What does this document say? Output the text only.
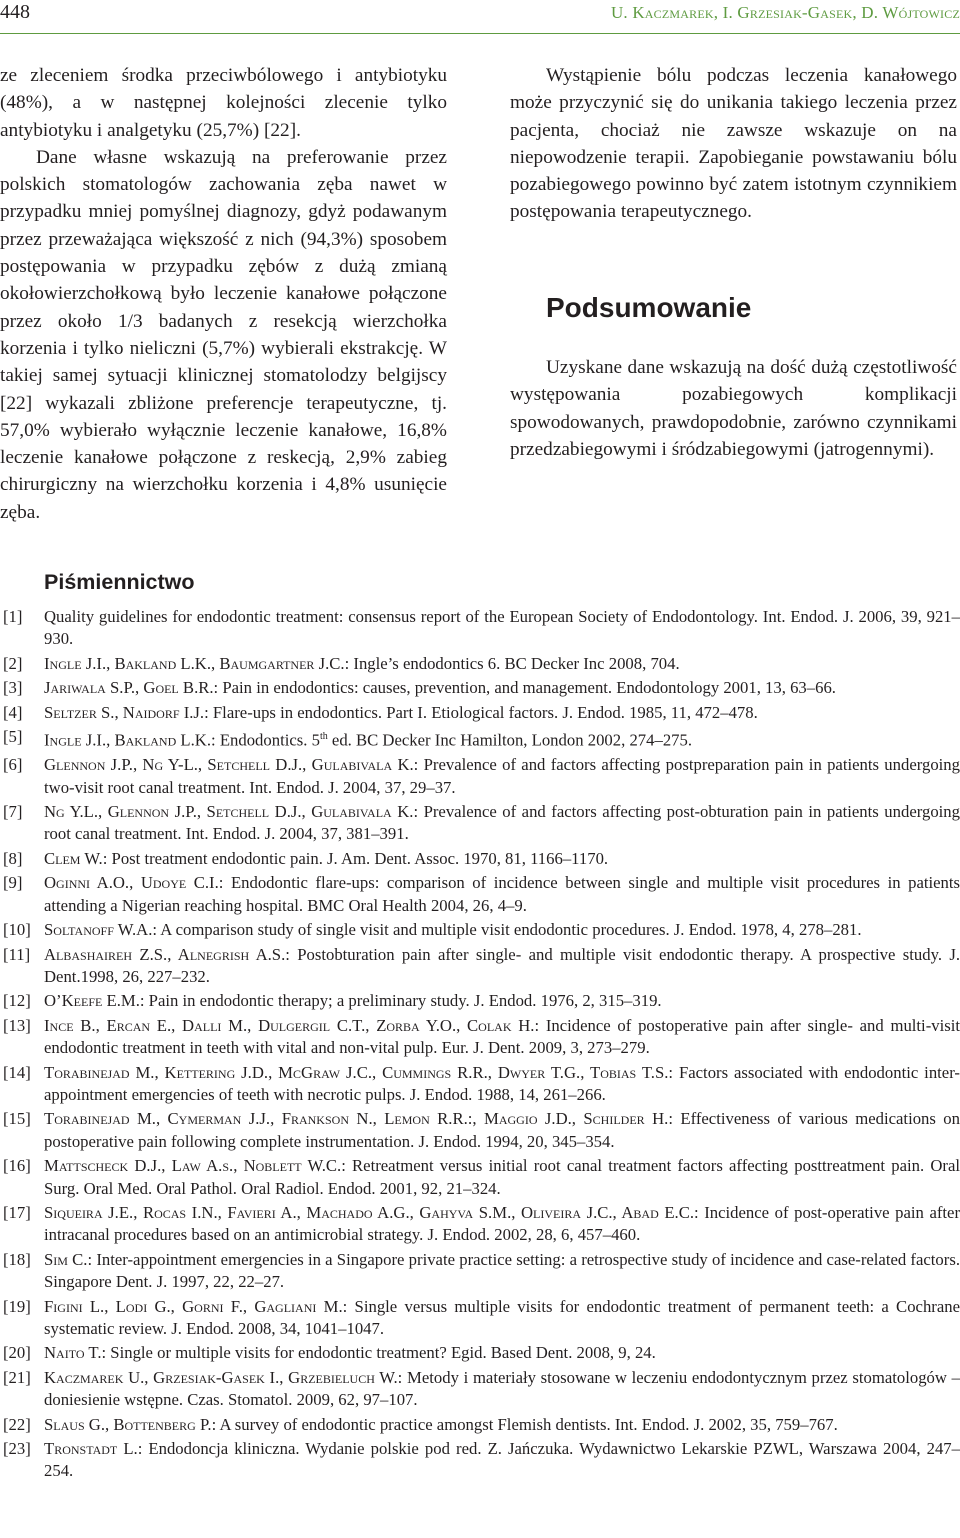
448	U. Kaczmarek, I. Grzesiak-Gasek, D. Wójtowicz

ze zleceniem środka przeciwbólowego i antybiotyku (48%), a w następnej kolejności zlecenie tylko antybiotyku i analgetyku (25,7%) [22].

Dane własne wskazują na preferowanie przez polskich stomatologów zachowania zęba nawet w przypadku mniej pomyślnej diagnozy, gdyż podawanym przez przeważająca większość z nich (94,3%) sposobem postępowania w przypadku zębów z dużą zmianą okołowierzchołkową było leczenie kanałowe połączone przez około 1/3 badanych z resekcją wierzchołka korzenia i tylko nieliczni (5,7%) wybierali ekstrakcję. W takiej samej sytuacji klinicznej stomatolodzy belgijscy [22] wykazali zbliżone preferencje terapeutyczne, tj. 57,0% wybierało wyłącznie leczenie kanałowe, 16,8% leczenie kanałowe połączone z reskecją, 2,9% zabieg chirurgiczny na wierzchołku korzenia i 4,8% usunięcie zęba.

Wystąpienie bólu podczas leczenia kanałowego może przyczynić się do unikania takiego leczenia przez pacjenta, chociaż nie zawsze wskazuje on na niepowodzenie terapii. Zapobieganie powstawaniu bólu pozabiegowego powinno być zatem istotnym czynnikiem postępowania terapeutycznego.

Podsumowanie

Uzyskane dane wskazują na dość dużą częstotliwość występowania pozabiegowych komplikacji spowodowanych, prawdopodobnie, zarówno czynnikami przedzabiegowymi i śródzabiegowymi (jatrogennymi).

Piśmiennictwo
[1] Quality guidelines for endodontic treatment: consensus report of the European Society of Endodontology. Int. Endod. J. 2006, 39, 921–930.
[2] Ingle J.I., Bakland L.K., Baumgartner J.C.: Ingle’s endodontics 6. BC Decker Inc 2008, 704.
[3] Jariwala S.P., Goel B.R.: Pain in endodontics: causes, prevention, and management. Endodontology 2001, 13, 63–66.
[4] Seltzer S., Naidorf I.J.: Flare-ups in endodontics. Part I. Etiological factors. J. Endod. 1985, 11, 472–478.
[5] Ingle J.I., Bakland L.K.: Endodontics. 5th ed. BC Decker Inc Hamilton, London 2002, 274–275.
[6] Glennon J.P., Ng Y-L., Setchell D.J., Gulabivala K.: Prevalence of and factors affecting postpreparation pain in patients undergoing two-visit root canal treatment. Int. Endod. J. 2004, 37, 29–37.
[7] Ng Y.L., Glennon J.P., Setchell D.J., Gulabivala K.: Prevalence of and factors affecting post-obturation pain in patients undergoing root canal treatment. Int. Endod. J. 2004, 37, 381–391.
[8] Clem W.: Post treatment endodontic pain. J. Am. Dent. Assoc. 1970, 81, 1166–1170.
[9] Oginni A.O., Udoye C.I.: Endodontic flare-ups: comparison of incidence between single and multiple visit procedures in patients attending a Nigerian reaching hospital. BMC Oral Health 2004, 26, 4–9.
[10] Soltanoff W.A.: A comparison study of single visit and multiple visit endodontic procedures. J. Endod. 1978, 4, 278–281.
[11] Albashaireh Z.S., Alnegrish A.S.: Postobturation pain after single- and multiple visit endodontic therapy. A prospective study. J. Dent.1998, 26, 227–232.
[12] O’Keefe E.M.: Pain in endodontic therapy; a preliminary study. J. Endod. 1976, 2, 315–319.
[13] Ince B., Ercan E., Dalli M., Dulgergil C.T., Zorba Y.O., Colak H.: Incidence of postoperative pain after single- and multi-visit endodontic treatment in teeth with vital and non-vital pulp. Eur. J. Dent. 2009, 3, 273–279.
[14] Torabinejad M., Kettering J.D., McGraw J.C., Cummings R.R., Dwyer T.G., Tobias T.S.: Factors associated with endodontic inter-appointment emergencies of teeth with necrotic pulps. J. Endod. 1988, 14, 261–266.
[15] Torabinejad M., Cymerman J.J., Frankson N., Lemon R.R.:, Maggio J.D., Schilder H.: Effectiveness of various medications on postoperative pain following complete instrumentation. J. Endod. 1994, 20, 345–354.
[16] Mattscheck D.J., Law A.s., Noblett W.C.: Retreatment versus initial root canal treatment factors affecting posttreatment pain. Oral Surg. Oral Med. Oral Pathol. Oral Radiol. Endod. 2001, 92, 21–324.
[17] Siqueira J.E., Rocas I.N., Favieri A., Machado A.G., Gahyva S.M., Oliveira J.C., Abad E.C.: Incidence of post-operative pain after intracanal procedures based on an antimicrobial strategy. J. Endod. 2002, 28, 6, 457–460.
[18] Sim C.: Inter-appointment emergencies in a Singapore private practice setting: a retrospective study of incidence and case-related factors. Singapore Dent. J. 1997, 22, 22–27.
[19] Figini L., Lodi G., Gorni F., Gagliani M.: Single versus multiple visits for endodontic treatment of permanent teeth: a Cochrane systematic review. J. Endod. 2008, 34, 1041–1047.
[20] Naito T.: Single or multiple visits for endodontic treatment? Egid. Based Dent. 2008, 9, 24.
[21] Kaczmarek U., Grzesiak-Gasek I., Grzebieluch W.: Metody i materiały stosowane w leczeniu endodontycznym przez stomatologów – doniesienie wstępne. Czas. Stomatol. 2009, 62, 97–107.
[22] Slaus G., Bottenberg P.: A survey of endodontic practice amongst Flemish dentists. Int. Endod. J. 2002, 35, 759–767.
[23] Tronstadt L.: Endodoncja kliniczna. Wydanie polskie pod red. Z. Jańczuka. Wydawnictwo Lekarskie PZWL, Warszawa 2004, 247–254.
